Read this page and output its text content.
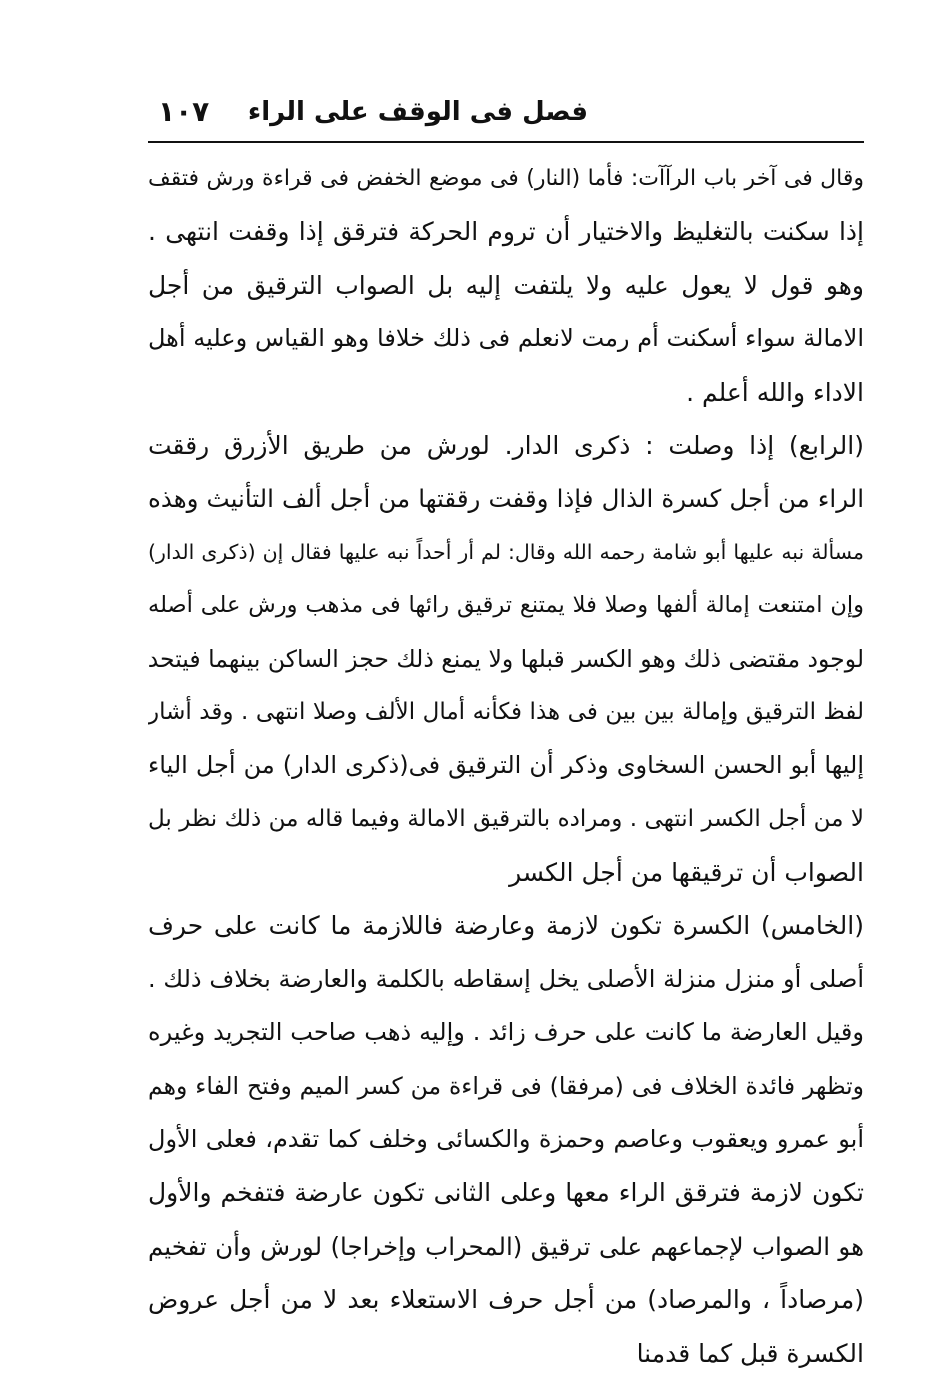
فصل فى الوقف على الراء
١٠٧
وقال فى آخر باب الرآآت: فأما (النار) فى موضع الخفض فى قراءة ورش فتقف
إذا سكنت بالتغليظ والاختيار أن تروم الحركة فترقق إذا وقفت انتهى .
وهو قول لا يعول عليه ولا يلتفت إليه بل الصواب الترقيق من أجل
الامالة سواء أسكنت أم رمت لانعلم فى ذلك خلافا وهو القياس وعليه أهل
الاداء والله أعلم .
(الرابع) إذا وصلت : ذكرى الدار. لورش من طريق الأزرق رققت
الراء من أجل كسرة الذال فإذا وقفت رققتها من أجل ألف التأنيث وهذه
مسألة نبه عليها أبو شامة رحمه الله وقال: لم أر أحداً نبه عليها فقال إن (ذكرى الدار)
وإن امتنعت إمالة ألفها وصلا فلا يمتنع ترقيق رائها فى مذهب ورش على أصله
لوجود مقتضى ذلك وهو الكسر قبلها ولا يمنع ذلك حجز الساكن بينهما فيتحد
لفظ الترقيق وإمالة بين بين فى هذا فكأنه أمال الألف وصلا انتهى . وقد أشار
إليها أبو الحسن السخاوى وذكر أن الترقيق فى(ذكرى الدار) من أجل الياء
لا من أجل الكسر انتهى . ومراده بالترقيق الامالة وفيما قاله من ذلك نظر بل
الصواب أن ترقيقها من أجل الكسر
(الخامس) الكسرة تكون لازمة وعارضة فاللازمة ما كانت على حرف
أصلى أو منزل منزلة الأصلى يخل إسقاطه بالكلمة والعارضة بخلاف ذلك .
وقيل العارضة ما كانت على حرف زائد . وإليه ذهب صاحب التجريد وغيره
وتظهر فائدة الخلاف فى (مرفقا) فى قراءة من كسر الميم وفتح الفاء وهم
أبو عمرو ويعقوب وعاصم وحمزة والكسائى وخلف كما تقدم، فعلى الأول
تكون لازمة فترقق الراء معها وعلى الثانى تكون عارضة فتفخم والأول
هو الصواب لإجماعهم على ترقيق (المحراب وإخراجا) لورش وأن تفخيم
(مرصاداً ، والمرصاد) من أجل حرف الاستعلاء بعد لا من أجل عروض
الكسرة قبل كما قدمنا
